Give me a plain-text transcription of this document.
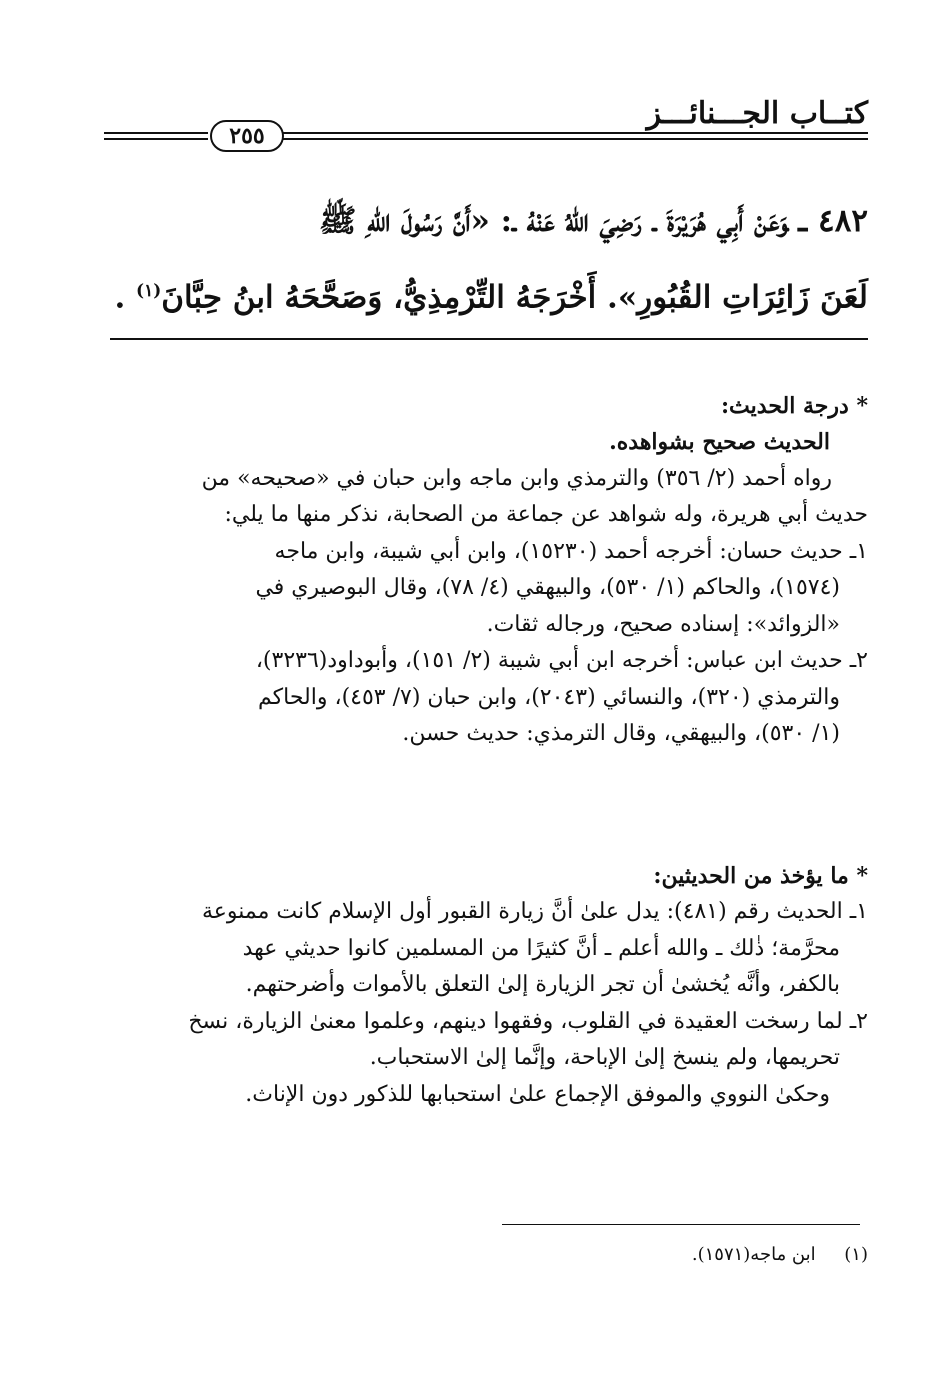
كتــاب الجـــنائـــز
٢٥٥
٤٨٢ ـوَعَنْ أَبِي هُرَيْرَةَ ـ رَضِيَ اللهُ عَنْهُ ـ: «أَنَّ رَسُولَ اللهِ ﷺ
لَعَنَ زَائِرَاتِ القُبُورِ». أَخْرَجَهُ التِّرْمِذِيُّ، وَصَحَّحَهُ ابنُ حِبَّانَ$^{(١)}$ .
* درجة الحديث:
الحديث صحيح بشواهده.
رواه أحمد (٢/ ٣٥٦) والترمذي وابن ماجه وابن حبان في «صحيحه» من
حديث أبي هريرة، وله شواهد عن جماعة من الصحابة، نذكر منها ما يلي:
١ـ حديث حسان: أخرجه أحمد (١٥٢٣٠)، وابن أبي شيبة، وابن ماجه
(١٥٧٤)، والحاكم (١/ ٥٣٠)، والبيهقي (٤/ ٧٨)، وقال البوصيري في
«الزوائد»: إسناده صحيح، ورجاله ثقات.
٢ـ حديث ابن عباس: أخرجه ابن أبي شيبة (٢/ ١٥١)، وأبوداود(٣٢٣٦)،
والترمذي (٣٢٠)، والنسائي (٢٠٤٣)، وابن حبان (٧/ ٤٥٣)، والحاكم
(١/ ٥٣٠)، والبيهقي، وقال الترمذي: حديث حسن.
* ما يؤخذ من الحديثين:
١ـ الحديث رقم (٤٨١): يدل علىٰ أنَّ زيارة القبور أول الإسلام كانت ممنوعة
محرَّمة؛ ذٰلك ـ والله أعلم ـ أنَّ كثيرًا من المسلمين كانوا حديثي عهد
بالكفر، وأنَّه يُخشىٰ أن تجر الزيارة إلىٰ التعلق بالأموات وأضرحتهم.
٢ـ لما رسخت العقيدة في القلوب، وفقهوا دينهم، وعلموا معنىٰ الزيارة، نسخ
تحريمها، ولم ينسخ إلىٰ الإباحة، وإنَّما إلىٰ الاستحباب.
وحكىٰ النووي والموفق الإجماع علىٰ استحبابها للذكور دون الإناث.
(١)     ابن ماجه(١٥٧١).
